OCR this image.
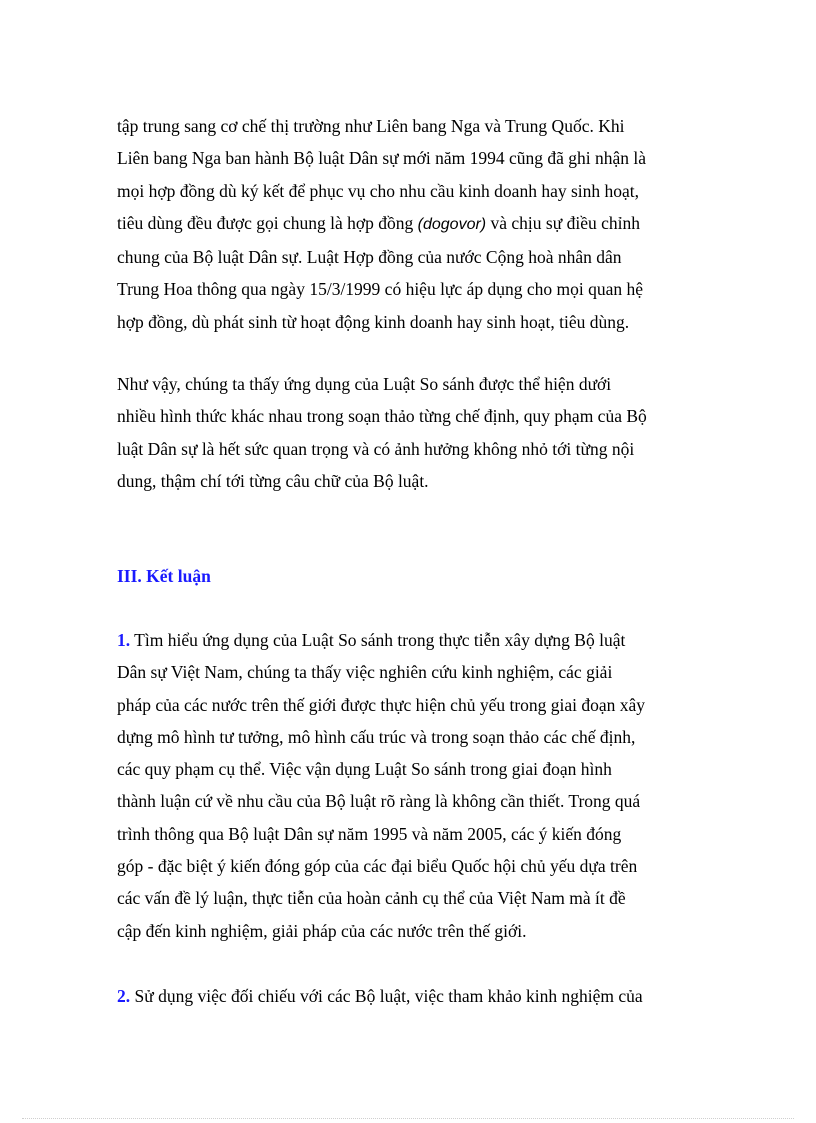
tập trung sang cơ chế thị trường như Liên bang Nga và Trung Quốc. Khi
Liên bang Nga ban hành Bộ luật Dân sự mới năm 1994 cũng đã ghi nhận là
mọi hợp đồng dù ký kết để phục vụ cho nhu cầu kinh doanh hay sinh hoạt,
tiêu dùng đều được gọi chung là hợp đồng (dogovor) và chịu sự điều chỉnh
chung của Bộ luật Dân sự. Luật Hợp đồng của nước Cộng hoà nhân dân
Trung Hoa thông qua ngày 15/3/1999 có hiệu lực áp dụng cho mọi quan hệ
hợp đồng, dù phát sinh từ hoạt động kinh doanh hay sinh hoạt, tiêu dùng.
Như vậy, chúng ta thấy ứng dụng của Luật So sánh được thể hiện dưới
nhiều hình thức khác nhau trong soạn thảo từng chế định, quy phạm của Bộ
luật Dân sự là hết sức quan trọng và có ảnh hưởng không nhỏ tới từng nội
dung, thậm chí tới từng câu chữ của Bộ luật.
III. Kết luận
1. Tìm hiểu ứng dụng của Luật So sánh trong thực tiễn xây dựng Bộ luật
Dân sự Việt Nam, chúng ta thấy việc nghiên cứu kinh nghiệm, các giải
pháp của các nước trên thế giới được thực hiện chủ yếu trong giai đoạn xây
dựng mô hình tư tưởng, mô hình cấu trúc và trong soạn thảo các chế định,
các quy phạm cụ thể. Việc vận dụng Luật So sánh trong giai đoạn hình
thành luận cứ về nhu cầu của Bộ luật rõ ràng là không cần thiết. Trong quá
trình thông qua Bộ luật Dân sự năm 1995 và năm 2005, các ý kiến đóng
góp - đặc biệt ý kiến đóng góp của các đại biểu Quốc hội chủ yếu dựa trên
các vấn đề lý luận, thực tiễn của hoàn cảnh cụ thể của Việt Nam mà ít đề
cập đến kinh nghiệm, giải pháp của các nước trên thế giới.
2. Sử dụng việc đối chiếu với các Bộ luật, việc tham khảo kinh nghiệm của
